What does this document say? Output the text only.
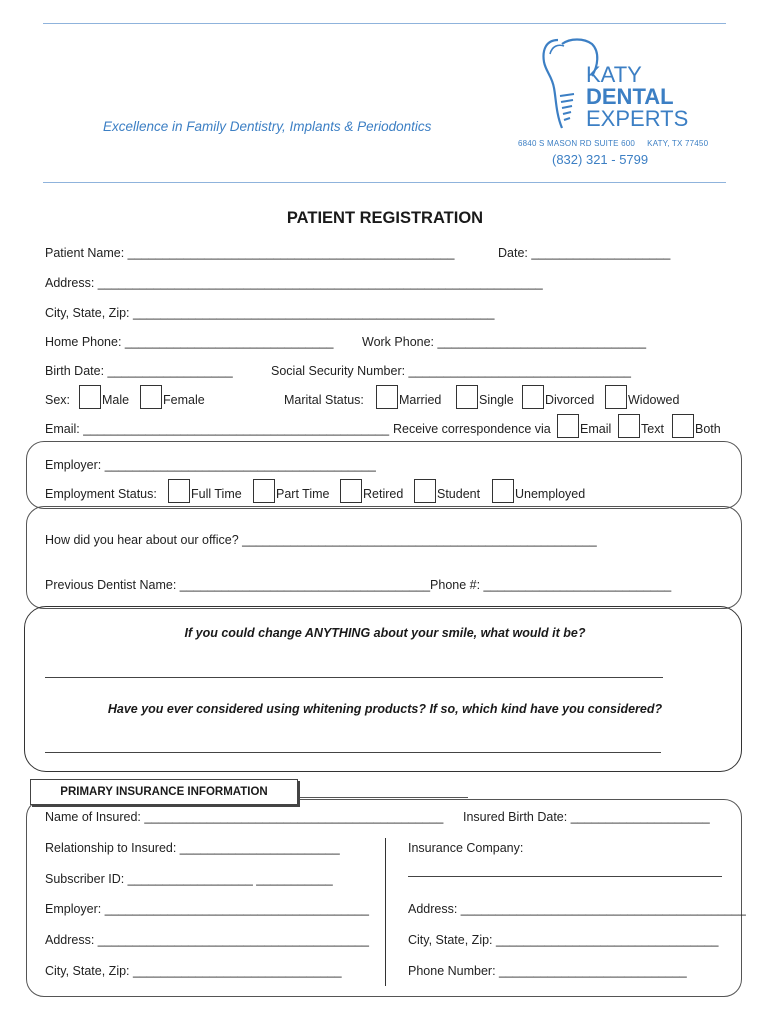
Excellence in Family Dentistry, Implants & Periodontics
KATY
DENTAL
EXPERTS
6840 S MASON RD SUITE 600     KATY, TX 77450
(832) 321 - 5799
PATIENT REGISTRATION
Patient Name: _______________________________________________	Date: ____________________
Address: ________________________________________________________________
City, State, Zip: ____________________________________________________
Home Phone: ______________________________ Work Phone: ______________________________
Birth Date: __________________	Social Security Number: ________________________________
Sex:	Male	Female	Marital Status:	Married	Single	Divorced	Widowed
Email: ____________________________________________ Receive correspondence via Email Text Both
Employer: _______________________________________
Employment Status:	Full Time	Part Time	Retired	Student	Unemployed
How did you hear about our office? ___________________________________________________
Previous Dentist Name: ____________________________________Phone #: ___________________________
If you could change ANYTHING about your smile, what would it be?
Have you ever considered using whitening products? If so, which kind have you considered?
PRIMARY INSURANCE INFORMATION
Name of Insured: ___________________________________________ Insured Birth Date: ____________________
Relationship to Insured: _______________________
Subscriber ID: __________________ ___________
Employer: ______________________________________
Address: _______________________________________
City, State, Zip: ______________________________
Insurance Company:
Address: _________________________________________
City, State, Zip: ________________________________
Phone Number: ___________________________
